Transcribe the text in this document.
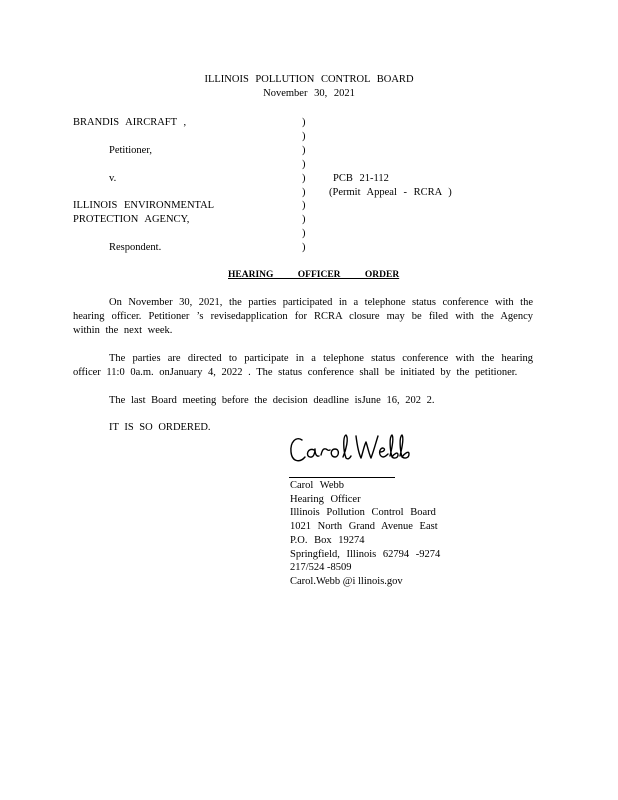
ILLINOIS POLLUTION CONTROL BOARD
November 30, 2021
BRANDIS AIRCRAFT ,
Petitioner,
v.
ILLINOIS ENVIRONMENTAL
PROTECTION AGENCY,
Respondent.
)
)
)
)
)
)
)
)
)
)
PCB 21-112
(Permit Appeal - RCRA )
HEARING OFFICER ORDER
On November 30, 2021, the parties participated in a telephone status conference with the hearing officer. Petitioner ’s revisedapplication for RCRA closure may be filed with the Agency within the next week.
The parties are directed to participate in a telephone status conference with the hearing officer 11:0 0a.m. onJanuary 4, 2022 . The status conference shall be initiated by the petitioner.
The last Board meeting before the decision deadline isJune 16, 202 2.
IT IS SO ORDERED.
Carol Webb
Hearing Officer
Illinois Pollution Control Board
1021 North Grand Avenue East
P.O. Box 19274
Springfield, Illinois 62794 -9274
217/524 -8509
Carol.Webb @i llinois.gov
